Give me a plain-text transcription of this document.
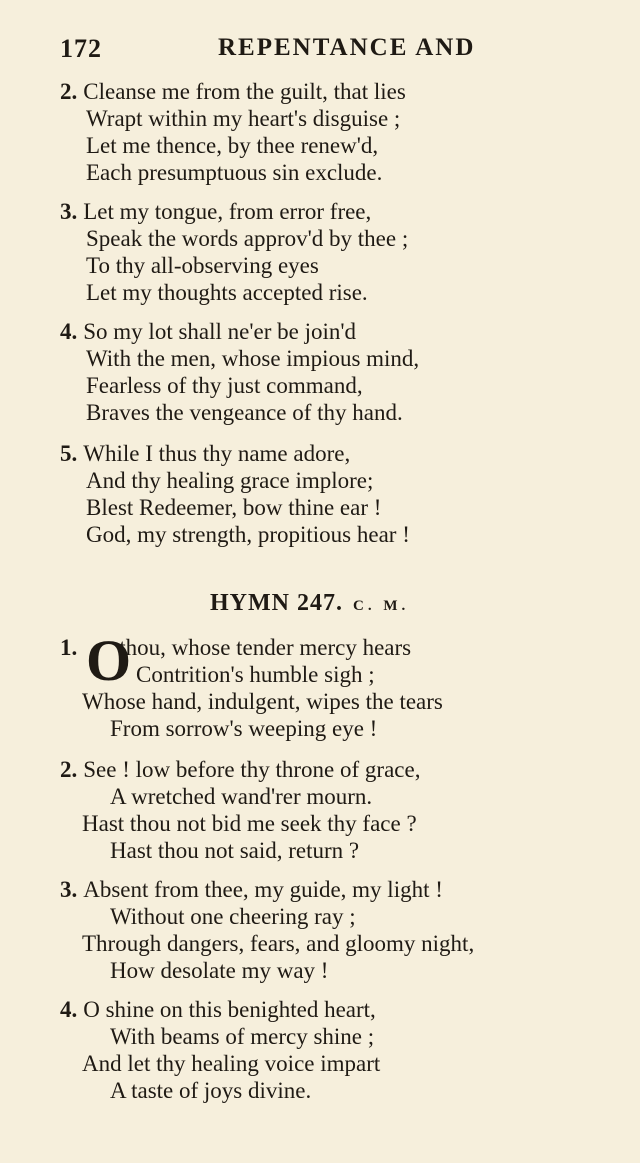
172	REPENTANCE AND
2. Cleanse me from the guilt, that lies
Wrapt within my heart's disguise ;
Let me thence, by thee renew'd,
Each presumptuous sin exclude.
3. Let my tongue, from error free,
Speak the words approv'd by thee ;
To thy all-observing eyes
Let my thoughts accepted rise.
4. So my lot shall ne'er be join'd
With the men, whose impious mind,
Fearless of thy just command,
Braves the vengeance of thy hand.
5. While I thus thy name adore,
And thy healing grace implore;
Blest Redeemer, bow thine ear !
God, my strength, propitious hear !
HYMN 247. C. M.
O
1. thou, whose tender mercy hears
Contrition's humble sigh ;
Whose hand, indulgent, wipes the tears
From sorrow's weeping eye !
2. See ! low before thy throne of grace,
A wretched wand'rer mourn.
Hast thou not bid me seek thy face ?
Hast thou not said, return ?
3. Absent from thee, my guide, my light !
Without one cheering ray ;
Through dangers, fears, and gloomy night,
How desolate my way !
4. O shine on this benighted heart,
With beams of mercy shine ;
And let thy healing voice impart
A taste of joys divine.
